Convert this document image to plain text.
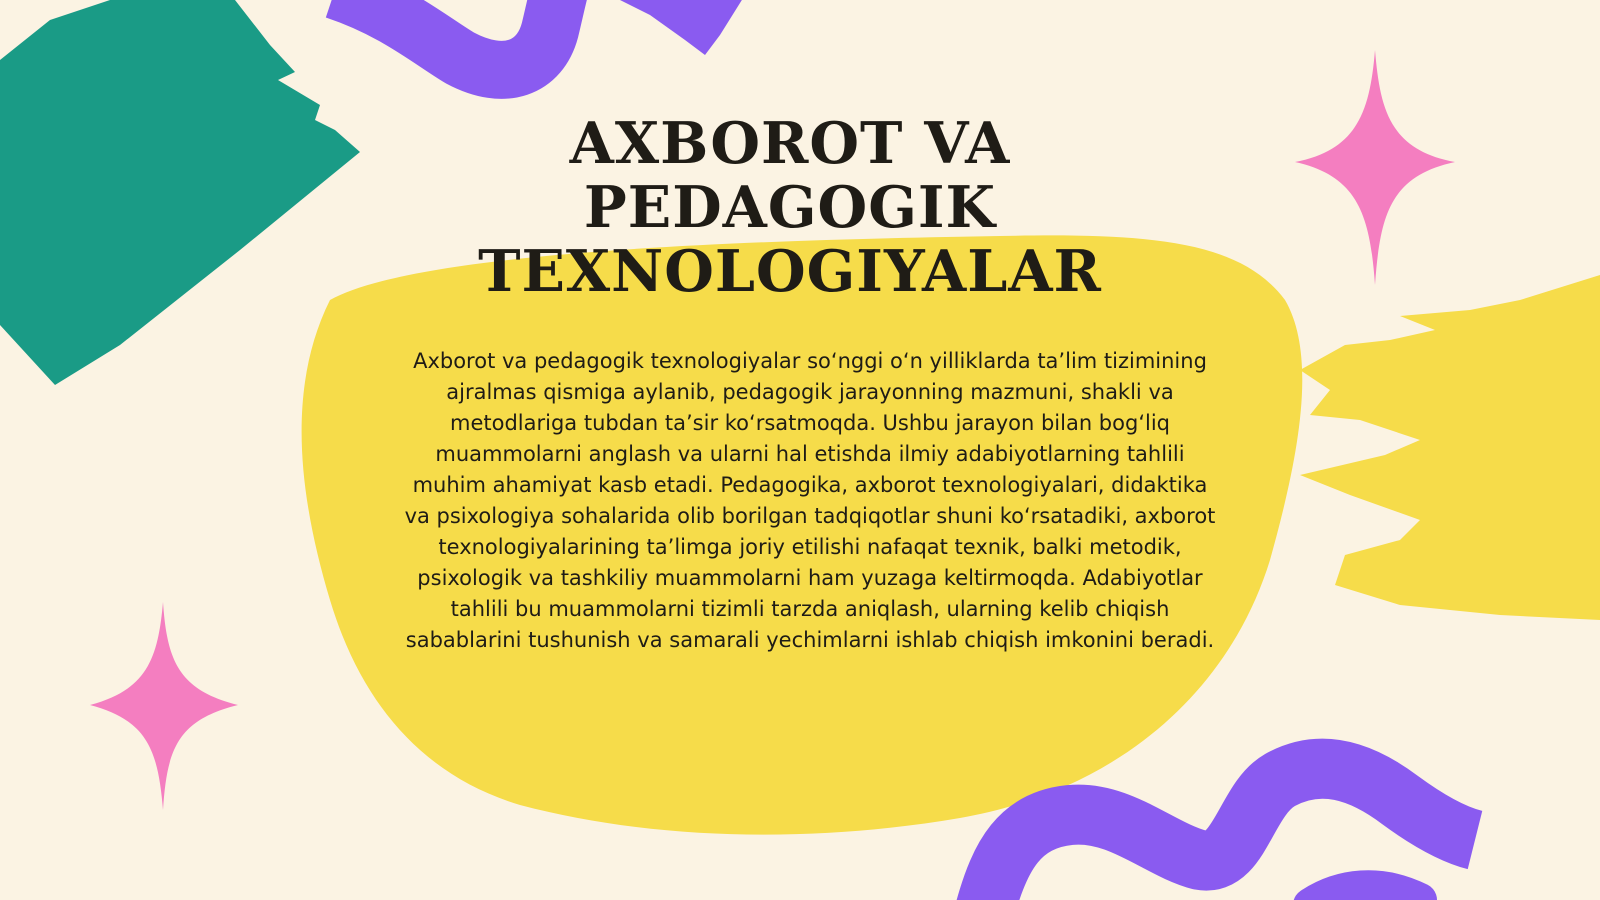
AXBOROT VA
PEDAGOGIK
TEXNOLOGIYALAR

Axborot va pedagogik texnologiyalar so‘nggi o‘n yilliklarda ta’lim tizimining ajralmas qismiga aylanib, pedagogik jarayonning mazmuni, shakli va metodlariga tubdan ta’sir ko‘rsatmoqda. Ushbu jarayon bilan bog‘liq muammolarni anglash va ularni hal etishda ilmiy adabiyotlarning tahlili muhim ahamiyat kasb etadi. Pedagogika, axborot texnologiyalari, didaktika va psixologiya sohalarida olib borilgan tadqiqotlar shuni ko‘rsatadiki, axborot texnologiyalarining ta’limga joriy etilishi nafaqat texnik, balki metodik, psixologik va tashkiliy muammolarni ham yuzaga keltirmoqda. Adabiyotlar tahlili bu muammolarni tizimli tarzda aniqlash, ularning kelib chiqish sabablarini tushunish va samarali yechimlarni ishlab chiqish imkonini beradi.
